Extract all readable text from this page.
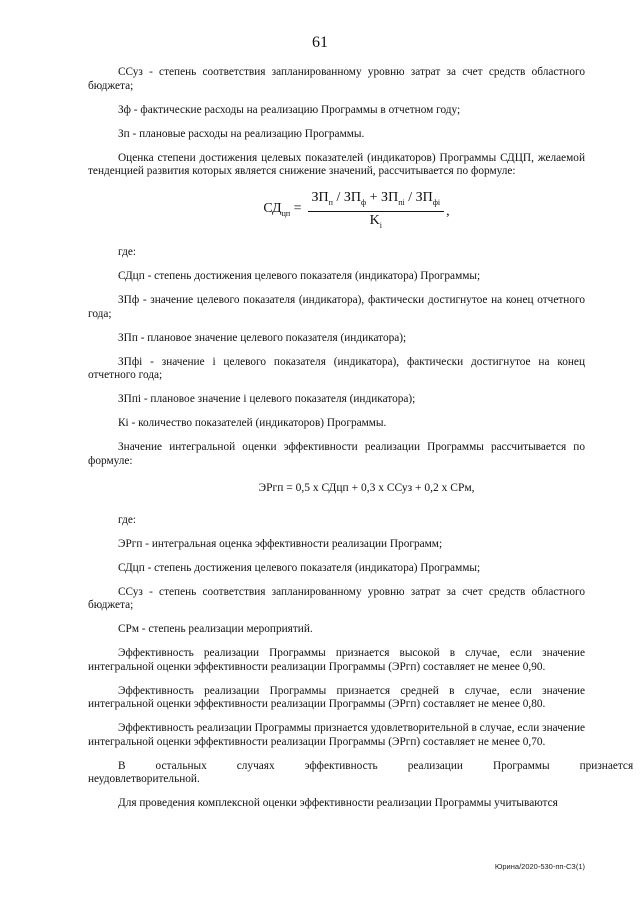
61

ССуз - степень соответствия запланированному уровню затрат за счет средств областного бюджета;

Зф - фактические расходы на реализацию Программы в отчетном году;

Зп - плановые расходы на реализацию Программы.

Оценка степени достижения целевых показателей (индикаторов) Программы СДЦП, желаемой тенденцией развития которых является снижение значений, рассчитывается по формуле:

$СД_{цп} = \frac{ЗП_п / ЗП_ф + ЗП_{пi} / ЗП_{фi}}{K_i}$ ,

где:

СДцп - степень достижения целевого показателя (индикатора) Программы;

ЗПф - значение целевого показателя (индикатора), фактически достигнутое на конец отчетного года;

ЗПп - плановое значение целевого показателя (индикатора);

ЗПфi - значение i целевого показателя (индикатора), фактически достигнутое на конец отчетного года;

ЗПпi - плановое значение i целевого показателя (индикатора);

Кi - количество показателей (индикаторов) Программы.

Значение интегральной оценки эффективности реализации Программы рассчитывается по формуле:

ЭРгп = 0,5 х СДцп + 0,3 х ССуз + 0,2 х СРм,

где:

ЭРгп - интегральная оценка эффективности реализации Программ;

СДцп - степень достижения целевого показателя (индикатора) Программы;

ССуз - степень соответствия запланированному уровню затрат за счет средств областного бюджета;

СРм - степень реализации мероприятий.

Эффективность реализации Программы признается высокой в случае, если значение интегральной оценки эффективности реализации Программы (ЭРгп) составляет не менее 0,90.

Эффективность реализации Программы признается средней в случае, если значение интегральной оценки эффективности реализации Программы (ЭРгп) составляет не менее 0,80.

Эффективность реализации Программы признается удовлетворительной в случае, если значение интегральной оценки эффективности реализации Программы (ЭРгп) составляет не менее 0,70.

В	остальных	случаях	эффективность	реализации	Программы	признается
неудовлетворительной.

Для проведения комплексной оценки эффективности реализации Программы учитываются

Юрина/2020-530-пп-СЗ(1)
